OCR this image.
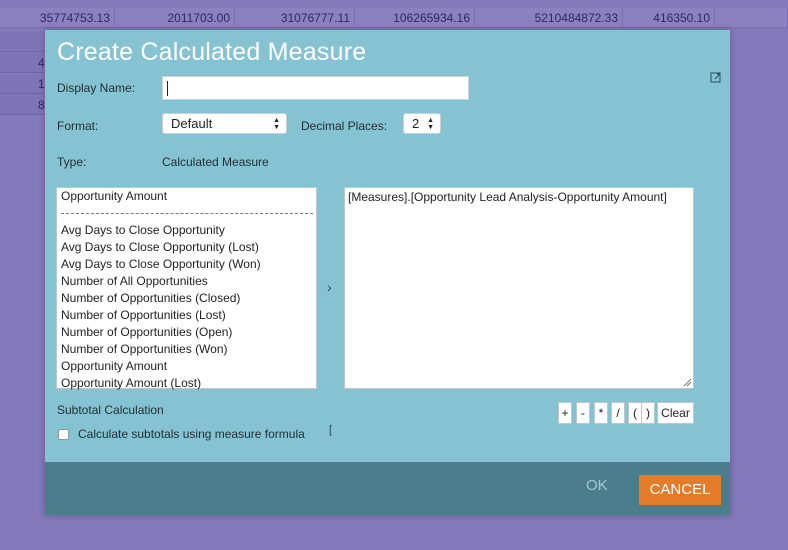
35774753.13	2011703.00	31076777.11	106265934.16	5210484872.33	416350.10
4
1
8
Create Calculated Measure
Display Name:
Format:	Default	▲
▼ Decimal Places:	2 ▲
▼
Type:	Calculated Measure
Opportunity Amount
Avg Days to Close Opportunity
Avg Days to Close Opportunity (Lost)
Avg Days to Close Opportunity (Won)
Number of All Opportunities
Number of Opportunities (Closed)
Number of Opportunities (Lost)
Number of Opportunities (Open)
Number of Opportunities (Won)
Opportunity Amount
Opportunity Amount (Lost)
›
[Measures].[Opportunity Lead Analysis-Opportunity Amount]
+	-	*	/	( ) Clear
Subtotal Calculation
Calculate subtotals using measure formula [
OK	CANCEL
